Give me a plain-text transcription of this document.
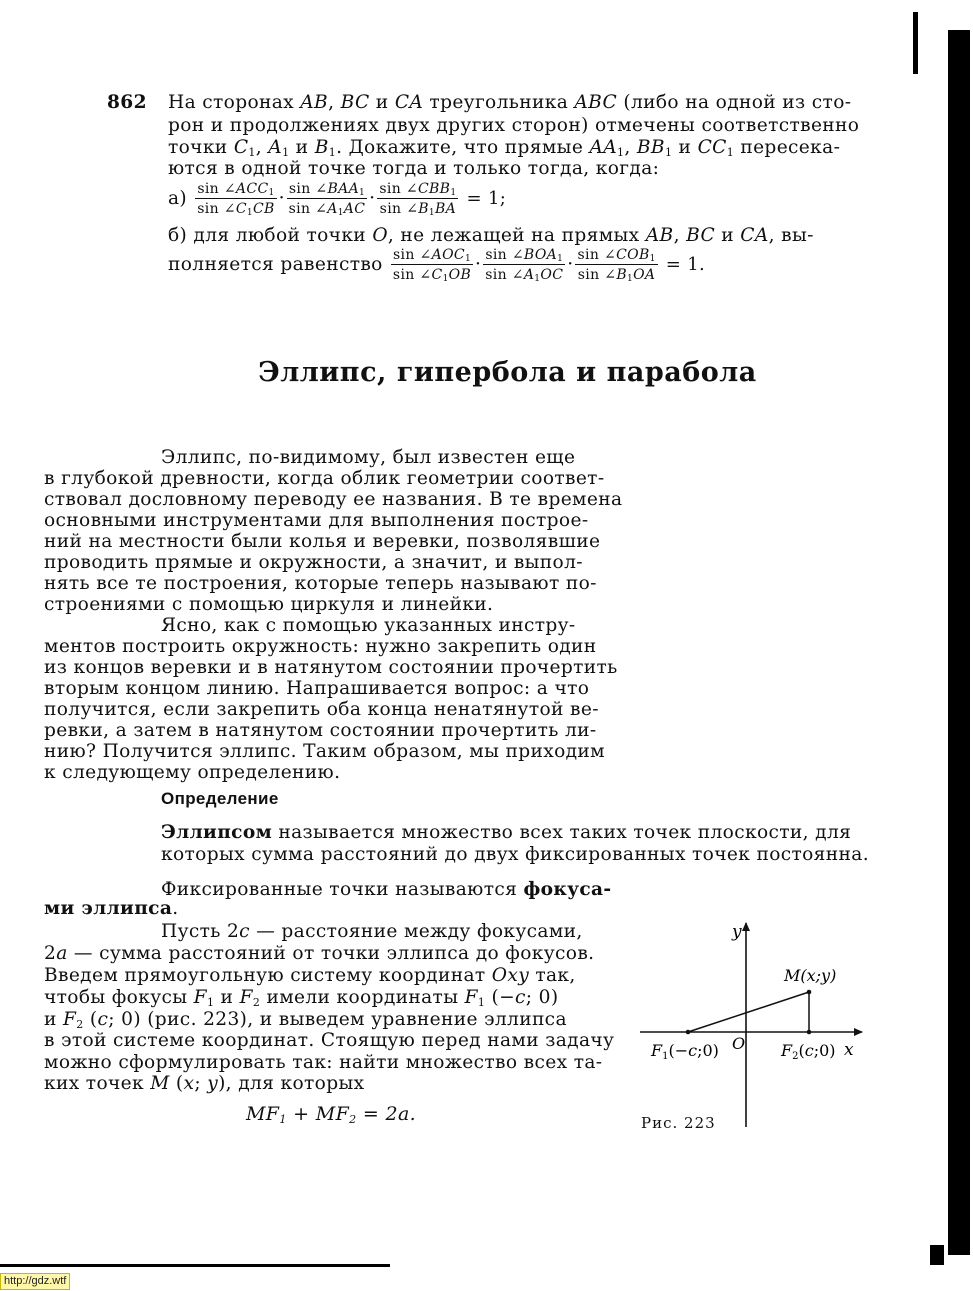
862 На сторонах AB, BC и CA треугольника ABC (либо на одной из сто-
рон и продолжениях двух других сторон) отмечены соответственно
точки $C_1$, $A_1$ и $B_1$. Докажите, что прямые $AA_1$, $BB_1$ и $CC_1$ пересека-
ются в одной точке тогда и только тогда, когда:
$а) \frac{\sin \angle ACC_1}{\sin \angle C_1CB} \cdot \frac{\sin \angle BAA_1}{\sin \angle A_1AC} \cdot \frac{\sin \angle CBB_1}{\sin \angle B_1BA} = 1$;
б) для любой точки O, не лежащей на прямых AB, BC и CA, вы-
полняется равенство $\frac{\sin \angle AOC_1}{\sin \angle C_1OB} \cdot \frac{\sin \angle BOA_1}{\sin \angle A_1OC} \cdot \frac{\sin \angle COB_1}{\sin \angle B_1OA} = 1$.
Эллипс, гипербола и парабола
Эллипс, по-видимому, был известен еще
в глубокой древности, когда облик геометрии соответ-
ствовал дословному переводу ее названия. В те времена
основными инструментами для выполнения построе-
ний на местности были колья и веревки, позволявшие
проводить прямые и окружности, а значит, и выпол-
нять все те построения, которые теперь называют по-
строениями с помощью циркуля и линейки.
Ясно, как с помощью указанных инстру-
ментов построить окружность: нужно закрепить один
из концов веревки и в натянутом состоянии прочертить
вторым концом линию. Напрашивается вопрос: а что
получится, если закрепить оба конца ненатянутой ве-
ревки, а затем в натянутом состоянии прочертить ли-
нию? Получится эллипс. Таким образом, мы приходим
к следующему определению.
Определение
Эллипсом называется множество всех таких точек плоскости, для
которых сумма расстояний до двух фиксированных точек постоянна.
Фиксированные точки называются фокуса-
ми эллипса.
Пусть 2c — расстояние между фокусами,
2a — сумма расстояний от точки эллипса до фокусов.
Введем прямоугольную систему координат Oxy так,
чтобы фокусы $F_1$ и $F_2$ имели координаты $F_1$ (−c; 0)
и $F_2$ (c; 0) (рис. 223), и выведем уравнение эллипса
в этой системе координат. Стоящую перед нами задачу
можно сформулировать так: найти множество всех та-
ких точек M (x; y), для которых
$MF_1 + MF_2 = 2a$.
y
x
O
M(x;y)
F1(−c;0)	F2(c;0)
Рис. 223
http://gdz.wtf
